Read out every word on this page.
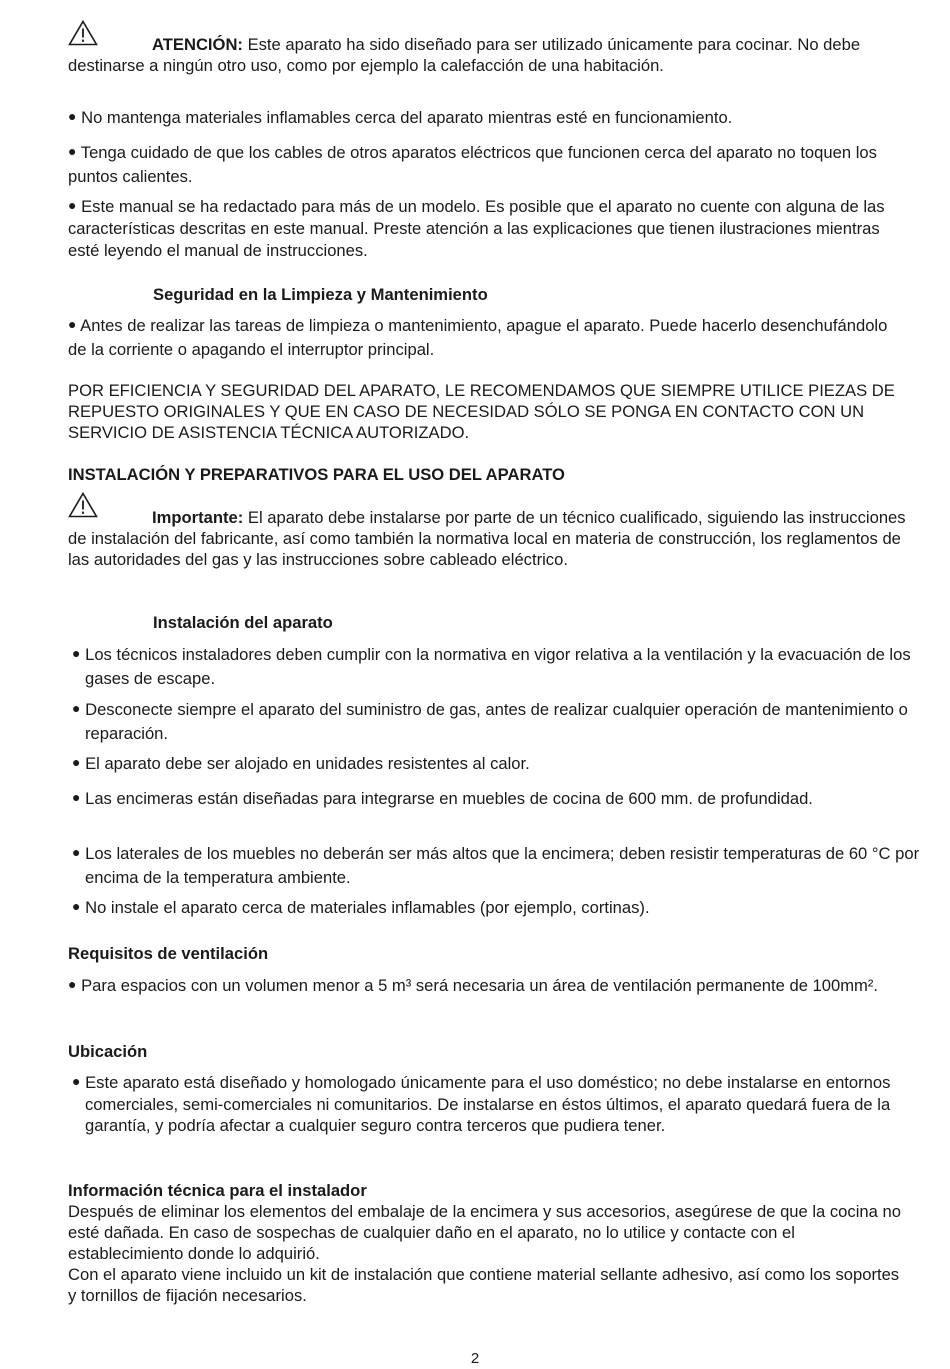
ATENCIÓN: Este aparato ha sido diseñado para ser utilizado únicamente para cocinar. No debe destinarse a ningún otro uso, como por ejemplo la calefacción de una habitación.

● No mantenga materiales inflamables cerca del aparato mientras esté en funcionamiento.

● Tenga cuidado de que los cables de otros aparatos eléctricos que funcionen cerca del aparato no toquen los puntos calientes.

● Este manual se ha redactado para más de un modelo. Es posible que el aparato no cuente con alguna de las características descritas en este manual. Preste atención a las explicaciones que tienen ilustraciones mientras esté leyendo el manual de instrucciones.

Seguridad en la Limpieza y Mantenimiento

● Antes de realizar las tareas de limpieza o mantenimiento, apague el aparato. Puede hacerlo desenchufándolo de la corriente o apagando el interruptor principal.

POR EFICIENCIA Y SEGURIDAD DEL APARATO, LE RECOMENDAMOS QUE SIEMPRE UTILICE PIEZAS DE REPUESTO ORIGINALES Y QUE EN CASO DE NECESIDAD SÓLO SE PONGA EN CONTACTO CON UN SERVICIO DE ASISTENCIA TÉCNICA AUTORIZADO.

INSTALACIÓN Y PREPARATIVOS PARA EL USO DEL APARATO

Importante: El aparato debe instalarse por parte de un técnico cualificado, siguiendo las instrucciones de instalación del fabricante, así como también la normativa local en materia de construcción, los reglamentos de las autoridades del gas y las instrucciones sobre cableado eléctrico.

Instalación del aparato

● Los técnicos instaladores deben cumplir con la normativa en vigor relativa a la ventilación y la evacuación de los gases de escape.

● Desconecte siempre el aparato del suministro de gas, antes de realizar cualquier operación de mantenimiento o reparación.

● El aparato debe ser alojado en unidades resistentes al calor.

● Las encimeras están diseñadas para integrarse en muebles de cocina de 600 mm. de profundidad.

● Los laterales de los muebles no deberán ser más altos que la encimera; deben resistir temperaturas de 60 °C por encima de la temperatura ambiente.

● No instale el aparato cerca de materiales inflamables (por ejemplo, cortinas).

Requisitos de ventilación

● Para espacios con un volumen menor a 5 m³ será necesaria un área de ventilación permanente de 100mm².

Ubicación

● Este aparato está diseñado y homologado únicamente para el uso doméstico; no debe instalarse en entornos comerciales, semi-comerciales ni comunitarios. De instalarse en éstos últimos, el aparato quedará fuera de la garantía, y podría afectar a cualquier seguro contra terceros que pudiera tener.

Información técnica para el instalador

Después de eliminar los elementos del embalaje de la encimera y sus accesorios, asegúrese de que la cocina no esté dañada. En caso de sospechas de cualquier daño en el aparato, no lo utilice y contacte con el establecimiento donde lo adquirió.

Con el aparato viene incluido un kit de instalación que contiene material sellante adhesivo, así como los soportes y tornillos de fijación necesarios.

2
